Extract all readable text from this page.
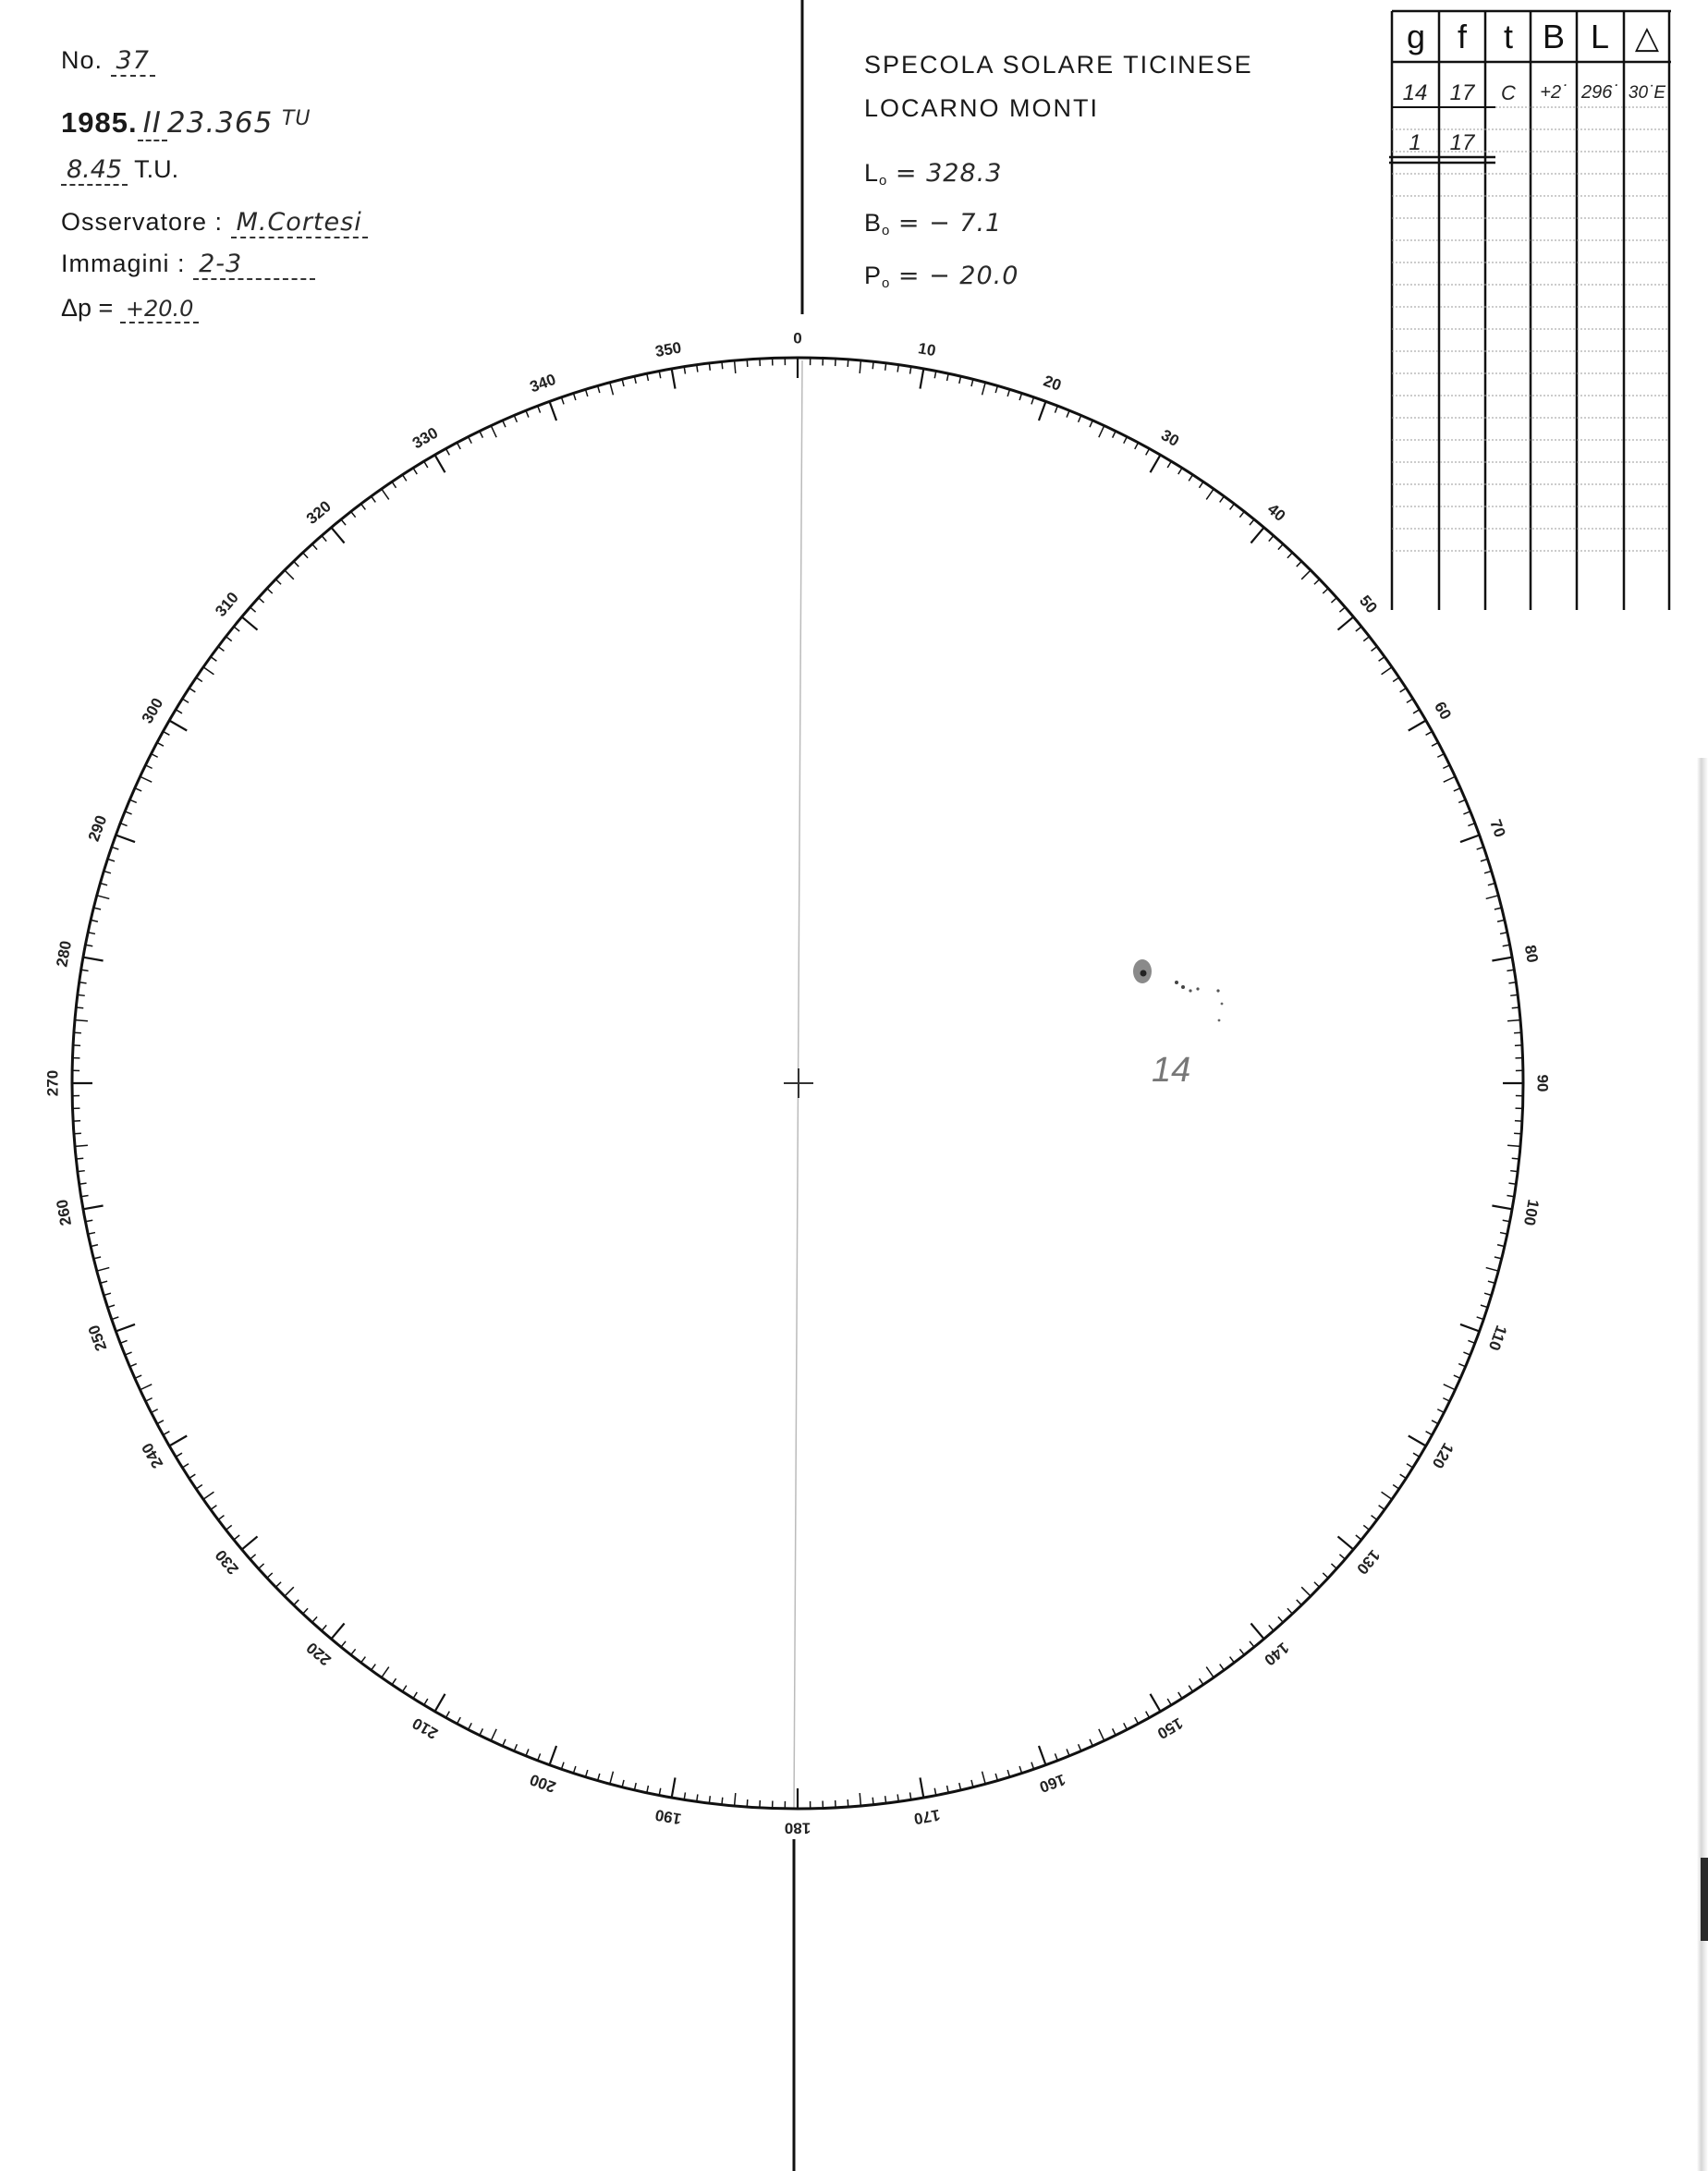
No. 37
1985. II 23.365 $^{TU}$
8.45 T.U.
Osservatore : M.Cortesi
Immagini : 2-3
Δp = +20.0
SPECOLA SOLARE TICINESE
LOCARNO MONTI
Lo = 328.3
Bo = − 7.1
Po = − 20.0
0
10
20
30
40
50
60
70
80
90
100
110
120
130
140
150
160
170
180
190
200
210
220
230
240
250
260
270
280
290
300
310
320
330
340
350
14
g f t B L △
14 17 C +2˙ 296˙ 30˙E
1 17
